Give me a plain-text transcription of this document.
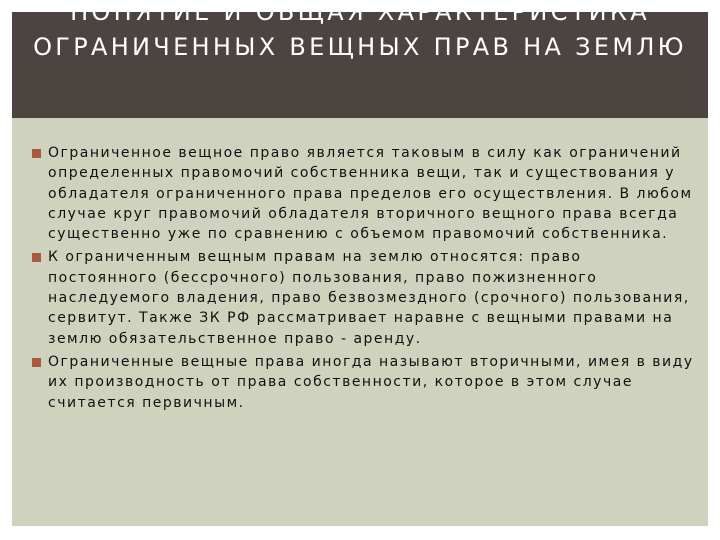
ПОНЯТИЕ И ОБЩАЯ ХАРАКТЕРИСТИКА ОГРАНИЧЕННЫХ ВЕЩНЫХ ПРАВ НА ЗЕМЛЮ
Ограниченное вещное право является таковым в силу как ограничений определенных правомочий собственника вещи, так и существования у обладателя ограниченного права пределов его осуществления. В любом случае круг правомочий обладателя вторичного вещного права всегда существенно уже по сравнению с объемом правомочий собственника.
К ограниченным вещным правам на землю относятся: право постоянного (бессрочного) пользования, право пожизненного наследуемого владения, право безвозмездного (срочного) пользования, сервитут. Также ЗК РФ рассматривает наравне с вещными правами на землю обязательственное право - аренду.
Ограниченные вещные права иногда называют вторичными, имея в виду их производность от права собственности, которое в этом случае считается первичным.
